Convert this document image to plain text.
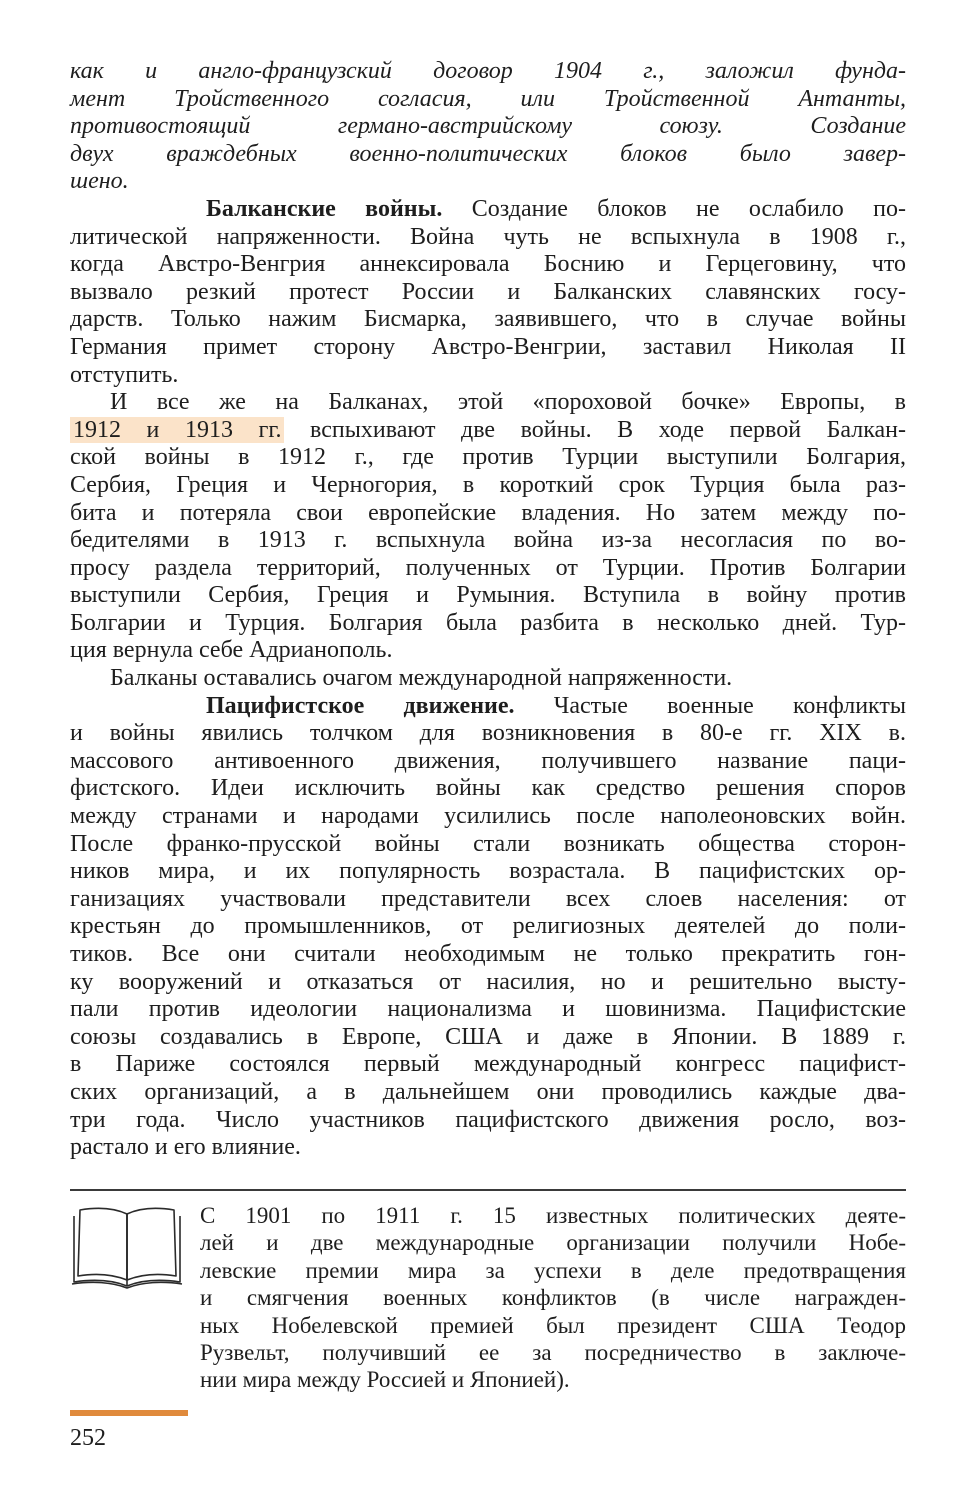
как и англо-французский договор 1904 г., заложил фунда-
мент Тройственного согласия, или Тройственной Антанты,
противостоящий германо-австрийскому союзу. Создание
двух враждебных военно-политических блоков было завер-
шено.
Балканские войны. Создание блоков не ослабило по-
литической напряженности. Война чуть не вспыхнула в 1908 г.,
когда Австро-Венгрия аннексировала Боснию и Герцеговину, что
вызвало резкий протест России и Балканских славянских госу-
дарств. Только нажим Бисмарка, заявившего, что в случае войны
Германия примет сторону Австро-Венгрии, заставил Николая II
отступить.
И все же на Балканах, этой «пороховой бочке» Европы, в
1912 и 1913 гг. вспыхивают две войны. В ходе первой Балкан-
ской войны в 1912 г., где против Турции выступили Болгария,
Сербия, Греция и Черногория, в короткий срок Турция была раз-
бита и потеряла свои европейские владения. Но затем между по-
бедителями в 1913 г. вспыхнула война из-за несогласия по во-
просу раздела территорий, полученных от Турции. Против Болгарии
выступили Сербия, Греция и Румыния. Вступила в войну против
Болгарии и Турция. Болгария была разбита в несколько дней. Тур-
ция вернула себе Адрианополь.
Балканы оставались очагом международной напряженности.
Пацифистское движение. Частые военные конфликты
и войны явились толчком для возникновения в 80-е гг. XIX в.
массового антивоенного движения, получившего название паци-
фистского. Идеи исключить войны как средство решения споров
между странами и народами усилились после наполеоновских войн.
После франко-прусской войны стали возникать общества сторон-
ников мира, и их популярность возрастала. В пацифистских ор-
ганизациях участвовали представители всех слоев населения: от
крестьян до промышленников, от религиозных деятелей до поли-
тиков. Все они считали необходимым не только прекратить гон-
ку вооружений и отказаться от насилия, но и решительно высту-
пали против идеологии национализма и шовинизма. Пацифистские
союзы создавались в Европе, США и даже в Японии. В 1889 г.
в Париже состоялся первый международный конгресс пацифист-
ских организаций, а в дальнейшем они проводились каждые два-
три года. Число участников пацифистского движения росло, воз-
растало и его влияние.
С 1901 по 1911 г. 15 известных политических деяте-
лей и две международные организации получили Нобе-
левские премии мира за успехи в деле предотвращения
и смягчения военных конфликтов (в числе награжден-
ных Нобелевской премией был президент США Теодор
Рузвельт, получивший ее за посредничество в заключе-
нии мира между Россией и Японией).
252
